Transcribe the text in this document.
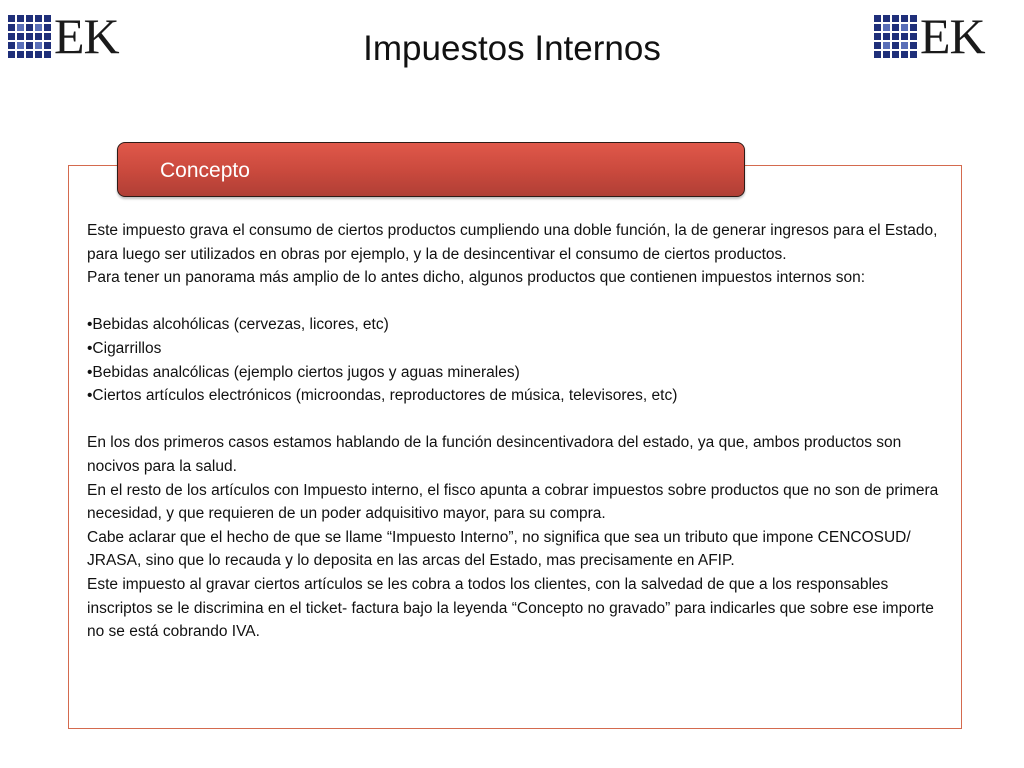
EK	EK
Impuestos Internos
Concepto

Este impuesto grava el consumo de ciertos productos cumpliendo una doble función, la de generar ingresos para el Estado, para luego ser utilizados en obras por ejemplo, y la de desincentivar el consumo de ciertos productos.

Para tener un panorama más amplio de lo antes dicho, algunos productos que contienen impuestos internos son:

•Bebidas alcohólicas (cervezas, licores, etc)

•Cigarrillos

•Bebidas analcólicas (ejemplo ciertos jugos y aguas minerales)

•Ciertos artículos electrónicos (microondas, reproductores de música, televisores, etc)

En los dos primeros casos estamos hablando de la función desincentivadora del estado, ya que, ambos productos son nocivos para la salud.

En el resto de los artículos con Impuesto interno, el fisco apunta a cobrar impuestos sobre productos que no son de primera necesidad, y que requieren de un poder adquisitivo mayor, para su compra.

Cabe aclarar que el hecho de que se llame “Impuesto Interno”, no significa que sea un tributo que impone CENCOSUD/ JRASA, sino que lo recauda y lo deposita en las arcas del Estado, mas precisamente en AFIP.

Este impuesto al gravar ciertos artículos se les cobra a todos los clientes, con la salvedad de que a los responsables inscriptos se le discrimina en el ticket- factura bajo la leyenda “Concepto no gravado” para indicarles que sobre ese importe no se está cobrando IVA.
